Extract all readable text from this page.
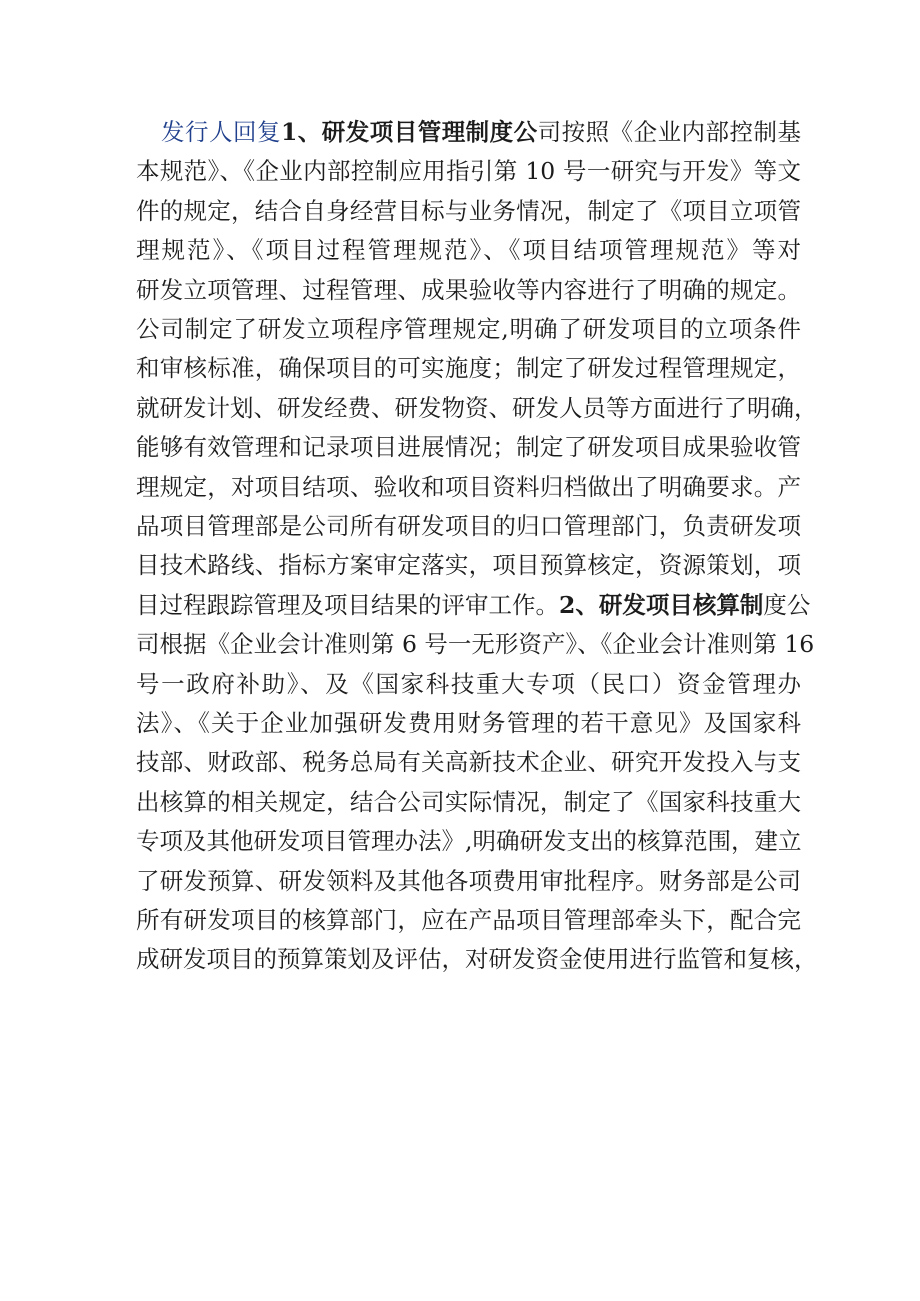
发行人回复1、研发项目管理制度公司按照《企业内部控制基
本规范》、《企业内部控制应用指引第 10 号一研究与开发》等文
件的规定，结合自身经营目标与业务情况，制定了《项目立项管
理规范》、《项目过程管理规范》、《项目结项管理规范》等对
研发立项管理、过程管理、成果验收等内容进行了明确的规定。
公司制定了研发立项程序管理规定,明确了研发项目的立项条件
和审核标准，确保项目的可实施度；制定了研发过程管理规定，
就研发计划、研发经费、研发物资、研发人员等方面进行了明确，
能够有效管理和记录项目进展情况；制定了研发项目成果验收管
理规定，对项目结项、验收和项目资料归档做出了明确要求。产
品项目管理部是公司所有研发项目的归口管理部门，负责研发项
目技术路线、指标方案审定落实，项目预算核定，资源策划，项
目过程跟踪管理及项目结果的评审工作。2、研发项目核算制度公
司根据《企业会计准则第 6 号一无形资产》、《企业会计准则第 16
号一政府补助》、及《国家科技重大专项（民口）资金管理办
法》、《关于企业加强研发费用财务管理的若干意见》及国家科
技部、财政部、税务总局有关高新技术企业、研究开发投入与支
出核算的相关规定，结合公司实际情况，制定了《国家科技重大
专项及其他研发项目管理办法》,明确研发支出的核算范围，建立
了研发预算、研发领料及其他各项费用审批程序。财务部是公司
所有研发项目的核算部门，应在产品项目管理部牵头下，配合完
成研发项目的预算策划及评估，对研发资金使用进行监管和复核，
